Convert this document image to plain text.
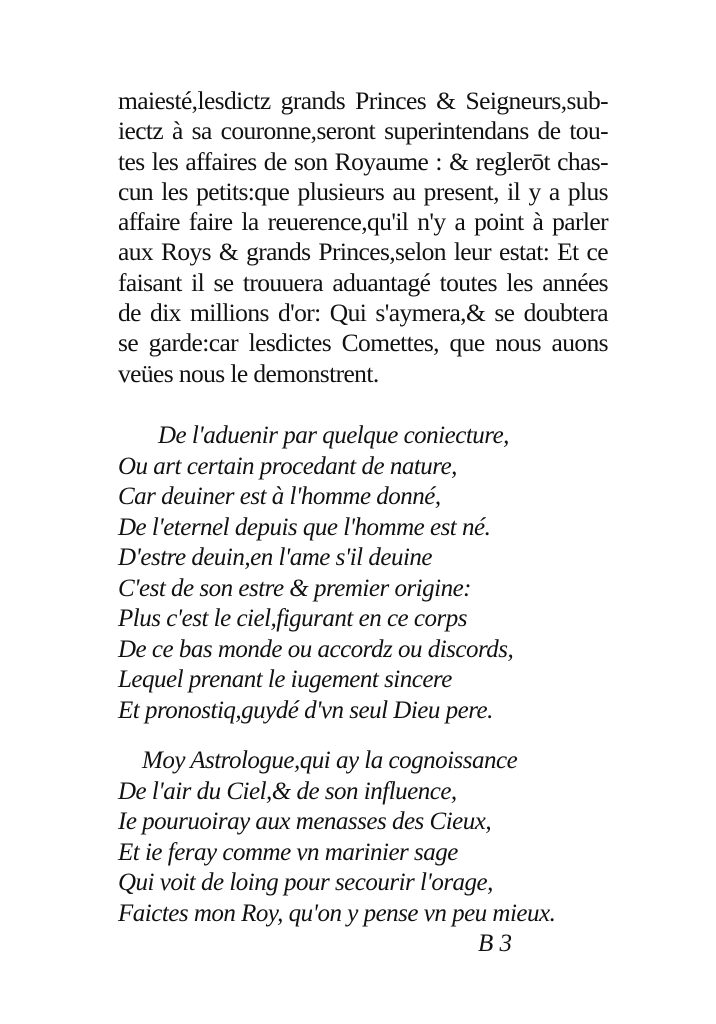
maiesté,lesdictz grands Princes & Seigneurs,sub-
iectz à sa couronne,seront superintendans de tou-
tes les affaires de son Royaume : & reglerōt chas-
cun les petits:que plusieurs au present, il y a plus
affaire faire la reuerence,qu'il n'y a point à parler
aux Roys & grands Princes,selon leur estat: Et ce
faisant il se trouuera aduantagé toutes les années
de dix millions d'or: Qui s'aymera,& se doubtera
se garde:car lesdictes Comettes, que nous auons
veües nous le demonstrent.
De l'aduenir par quelque coniecture,
Ou art certain procedant de nature,
Car deuiner est à l'homme donné,
De l'eternel depuis que l'homme est né.
D'estre deuin,en l'ame s'il deuine
C'est de son estre & premier origine:
Plus c'est le ciel,figurant en ce corps
De ce bas monde ou accordz ou discords,
Lequel prenant le iugement sincere
Et pronostiq,guydé d'vn seul Dieu pere.
Moy Astrologue,qui ay la cognoissance
De l'air du Ciel,& de son influence,
Ie pouruoiray aux menasses des Cieux,
Et ie feray comme vn marinier sage
Qui voit de loing pour secourir l'orage,
Faictes mon Roy, qu'on y pense vn peu mieux.
B 3
